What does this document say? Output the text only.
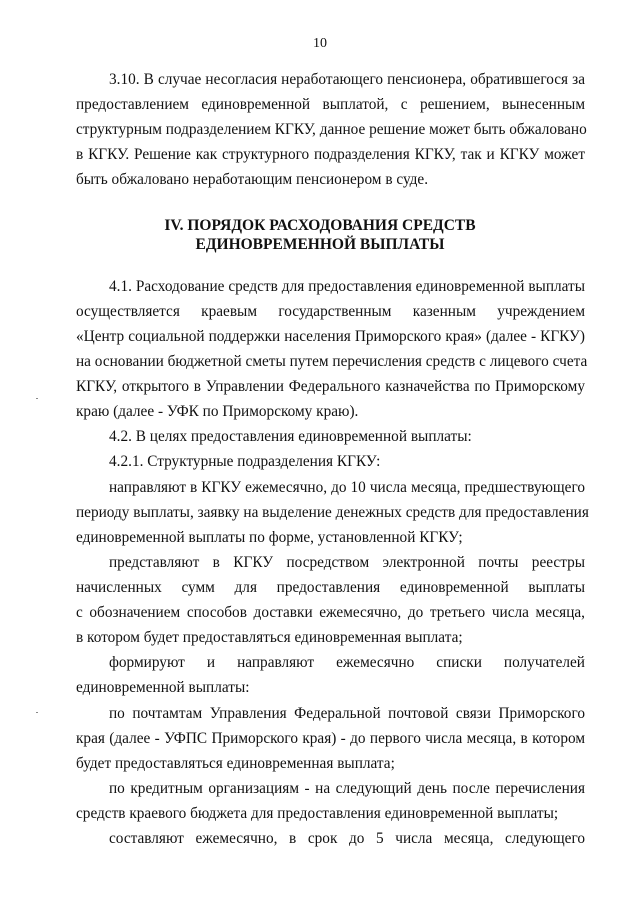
10
3.10. В случае несогласия неработающего пенсионера, обратившегося за
предоставлением единовременной выплатой, с решением, вынесенным
структурным подразделением КГКУ, данное решение может быть обжаловано
в КГКУ. Решение как структурного подразделения КГКУ, так и КГКУ может
быть обжаловано неработающим пенсионером в суде.
IV. ПОРЯДОК РАСХОДОВАНИЯ СРЕДСТВ
ЕДИНОВРЕМЕННОЙ ВЫПЛАТЫ
4.1. Расходование средств для предоставления единовременной выплаты
осуществляется краевым государственным казенным учреждением
«Центр социальной поддержки населения Приморского края» (далее - КГКУ)
на основании бюджетной сметы путем перечисления средств с лицевого счета
КГКУ, открытого в Управлении Федерального казначейства по Приморскому
краю (далее - УФК по Приморскому краю).
4.2. В целях предоставления единовременной выплаты:
4.2.1. Структурные подразделения КГКУ:
направляют в КГКУ ежемесячно, до 10 числа месяца, предшествующего
периоду выплаты, заявку на выделение денежных средств для предоставления
единовременной выплаты по форме, установленной КГКУ;
представляют в КГКУ посредством электронной почты реестры
начисленных сумм для предоставления единовременной выплаты
с обозначением способов доставки ежемесячно, до третьего числа месяца,
в котором будет предоставляться единовременная выплата;
формируют и направляют ежемесячно списки получателей
единовременной выплаты:
по почтамтам Управления Федеральной почтовой связи Приморского
края (далее - УФПС Приморского края) - до первого числа месяца, в котором
будет предоставляться единовременная выплата;
по кредитным организациям - на следующий день после перечисления
средств краевого бюджета для предоставления единовременной выплаты;
составляют ежемесячно, в срок до 5 числа месяца, следующего
